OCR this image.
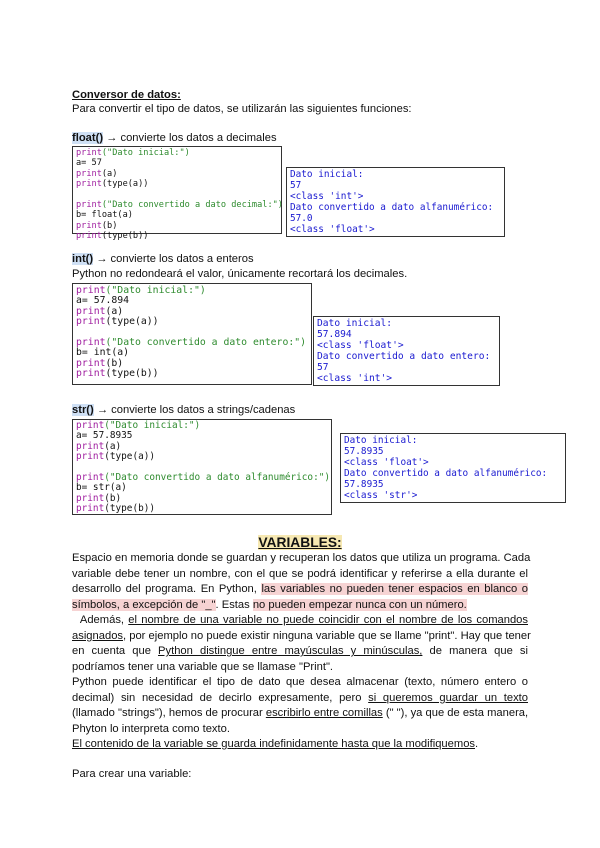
Conversor de datos:
Para convertir el tipo de datos, se utilizarán las siguientes funciones:
float() → convierte los datos a decimales
print("Dato inicial:")
a= 57
print(a)
print(type(a))
print("Dato convertido a dato decimal:")
b= float(a)
print(b)
print(type(b))
Dato inicial:
57
<class 'int'>
Dato convertido a dato alfanumérico:
57.0
<class 'float'>
int() → convierte los datos a enteros
Python no redondeará el valor, únicamente recortará los decimales.
print("Dato inicial:")
a= 57.894
print(a)
print(type(a))
print("Dato convertido a dato entero:")
b= int(a)
print(b)
print(type(b))
Dato inicial:
57.894
<class 'float'>
Dato convertido a dato entero:
57
<class 'int'>
str() → convierte los datos a strings/cadenas
print("Dato inicial:")
a= 57.8935
print(a)
print(type(a))
print("Dato convertido a dato alfanumérico:")
b= str(a)
print(b)
print(type(b))
Dato inicial:
57.8935
<class 'float'>
Dato convertido a dato alfanumérico:
57.8935
<class 'str'>
VARIABLES:
Espacio en memoria donde se guardan y recuperan los datos que utiliza un programa. Cada
variable debe tener un nombre, con el que se podrá identificar y referirse a ella durante el
desarrollo del programa. En Python, las variables no pueden tener espacios en blanco o
símbolos, a excepción de "_". Estas no pueden empezar nunca con un número.
Además, el nombre de una variable no puede coincidir con el nombre de los comandos
asignados, por ejemplo no puede existir ninguna variable que se llame "print". Hay que tener
en cuenta que Python distingue entre mayúsculas y minúsculas, de manera que si
podríamos tener una variable que se llamase "Print".
Python puede identificar el tipo de dato que desea almacenar (texto, número entero o
decimal) sin necesidad de decirlo expresamente, pero si queremos guardar un texto
(llamado "strings"), hemos de procurar escribirlo entre comillas (" "), ya que de esta manera,
Phyton lo interpreta como texto.
El contenido de la variable se guarda indefinidamente hasta que la modifiquemos.
Para crear una variable:
